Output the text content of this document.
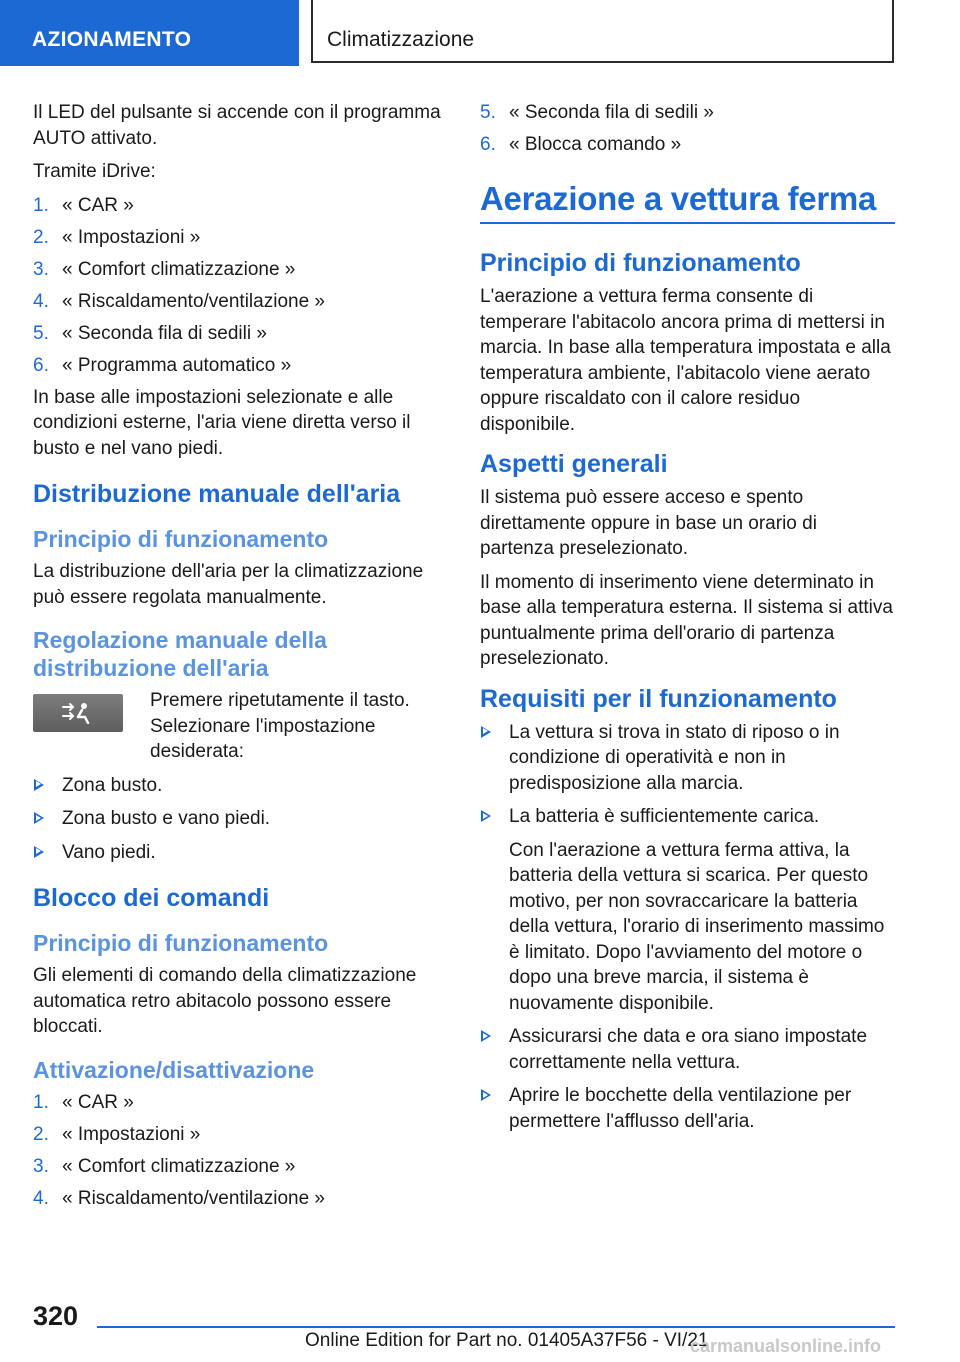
AZIONAMENTO	Climatizzazione

Il LED del pulsante si accende con il programma AUTO attivato.

Tramite iDrive:

1. « CAR »
2. « Impostazioni »
3. « Comfort climatizzazione »
4. « Riscaldamento/ventilazione »
5. « Seconda fila di sedili »
6. « Programma automatico »

In base alle impostazioni selezionate e alle condizioni esterne, l'aria viene diretta verso il busto e nel vano piedi.

Distribuzione manuale dell'aria
Principio di funzionamento

La distribuzione dell'aria per la climatizzazione può essere regolata manualmente.

Regolazione manuale della distribuzione dell'aria

Premere ripetutamente il tasto. Selezionare l'impostazione desiderata:

Zona busto.
Zona busto e vano piedi.
Vano piedi.
Blocco dei comandi
Principio di funzionamento

Gli elementi di comando della climatizzazione automatica retro abitacolo possono essere bloccati.

Attivazione/disattivazione
1. « CAR »
2. « Impostazioni »
3. « Comfort climatizzazione »
4. « Riscaldamento/ventilazione »
5. « Seconda fila di sedili »
6. « Blocca comando »
Aerazione a vettura ferma
Principio di funzionamento

L'aerazione a vettura ferma consente di temperare l'abitacolo ancora prima di mettersi in marcia. In base alla temperatura impostata e alla temperatura ambiente, l'abitacolo viene aerato oppure riscaldato con il calore residuo disponibile.

Aspetti generali

Il sistema può essere acceso e spento direttamente oppure in base un orario di partenza preselezionato.

Il momento di inserimento viene determinato in base alla temperatura esterna. Il sistema si attiva puntualmente prima dell'orario di partenza preselezionato.

Requisiti per il funzionamento
La vettura si trova in stato di riposo o in condizione di operatività e non in predisposizione alla marcia.
La batteria è sufficientemente carica.

Con l'aerazione a vettura ferma attiva, la batteria della vettura si scarica. Per questo motivo, per non sovraccaricare la batteria della vettura, l'orario di inserimento massimo è limitato. Dopo l'avviamento del motore o dopo una breve marcia, il sistema è nuovamente disponibile.

Assicurarsi che data e ora siano impostate correttamente nella vettura.
Aprire le bocchette della ventilazione per permettere l'afflusso dell'aria.
320
Online Edition for Part no. 01405A37F56 - VI/21
carmanualsonline.info
